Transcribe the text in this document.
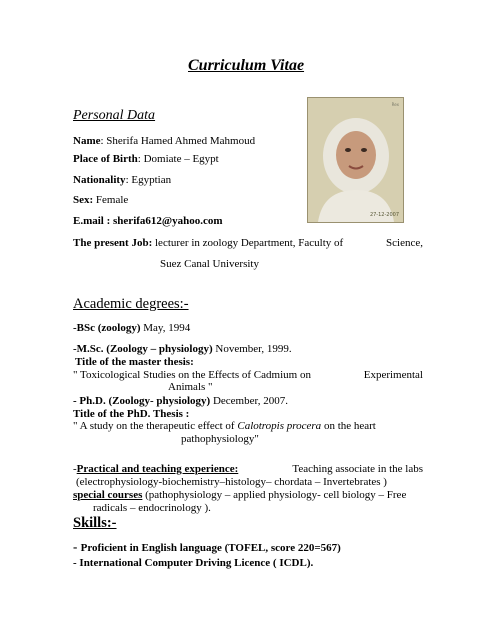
Curriculum Vitae
Personal Data
Name: Sherifa Hamed Ahmed Mahmoud
Place of Birth: Domiate – Egypt
Nationality: Egyptian
Sex: Female
E.mail : sherifa612@yahoo.com
The present Job: lecturer in zoology Department, Faculty of	Science,
Suez Canal University
Rex
27-12-2007
Academic degrees:-
-BSc (zoology) May, 1994
-M.Sc. (Zoology – physiology) November, 1999.
Title of the master thesis:
" Toxicological Studies on the Effects of Cadmium on	Experimental
Animals "
- Ph.D. (Zoology- physiology) December, 2007.
Title of the PhD. Thesis :
" A study on the therapeutic effect of Calotropis procera on the heart
pathophysiology"
-Practical and teaching experience:	Teaching associate in the labs
(electrophysiology-biochemistry–histology– chordata – Invertebrates )
special courses (pathophysiology – applied physiology- cell biology – Free
radicals – endocrinology ).
Skills:-
- Proficient in English language (TOFEL, score 220=567)
- International Computer Driving Licence ( ICDL).
